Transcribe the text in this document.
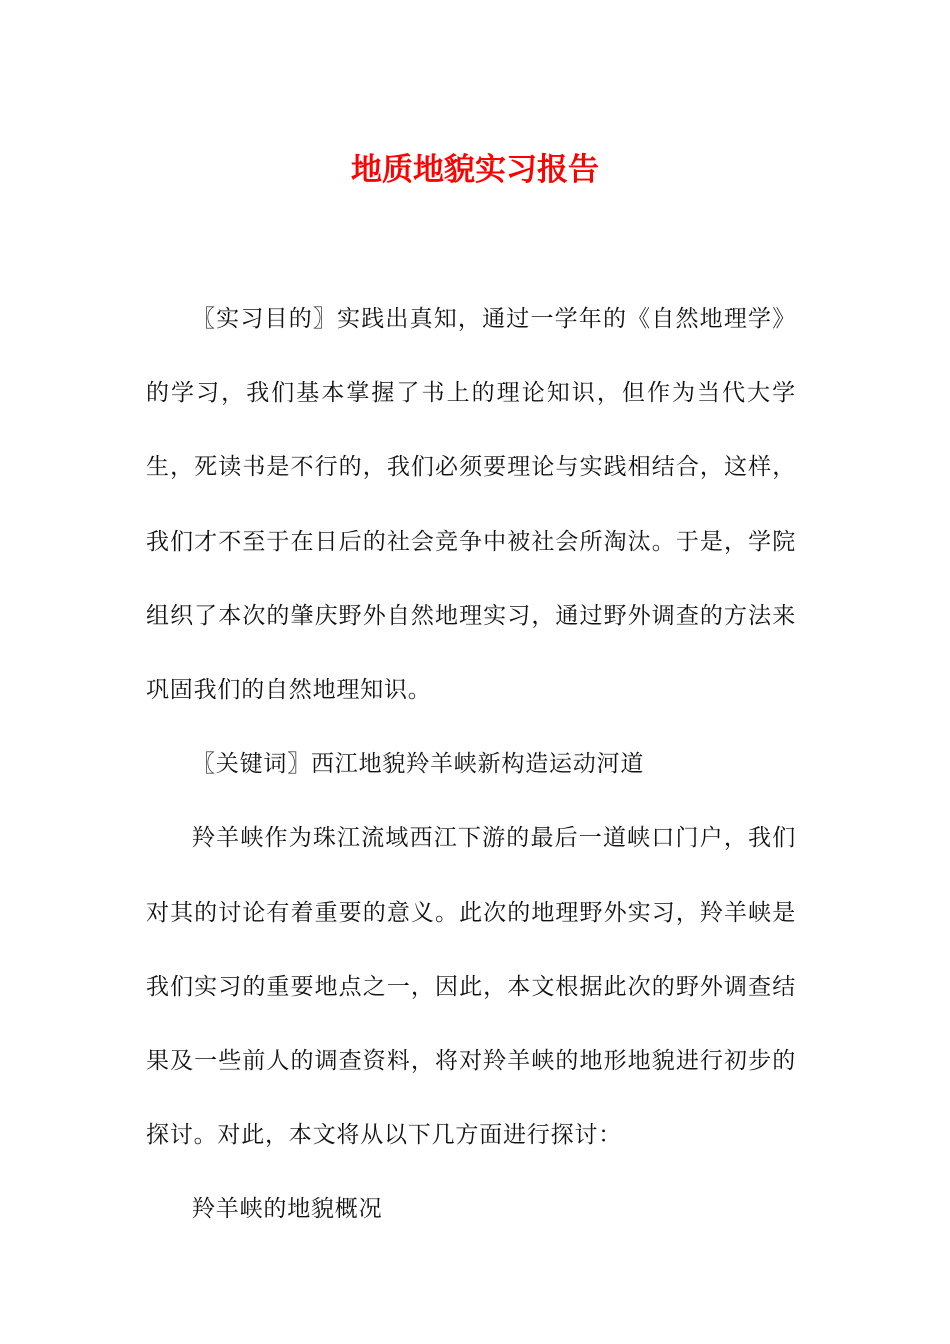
地质地貌实习报告

〖实习目的〗实践出真知，通过一学年的《自然地理学》的学习，我们基本掌握了书上的理论知识，但作为当代大学生，死读书是不行的，我们必须要理论与实践相结合，这样，我们才不至于在日后的社会竞争中被社会所淘汰。于是，学院组织了本次的肇庆野外自然地理实习，通过野外调查的方法来巩固我们的自然地理知识。

〖关键词〗西江地貌羚羊峡新构造运动河道

羚羊峡作为珠江流域西江下游的最后一道峡口门户，我们对其的讨论有着重要的意义。此次的地理野外实习，羚羊峡是我们实习的重要地点之一，因此，本文根据此次的野外调查结果及一些前人的调查资料，将对羚羊峡的地形地貌进行初步的探讨。对此，本文将从以下几方面进行探讨：

羚羊峡的地貌概况
